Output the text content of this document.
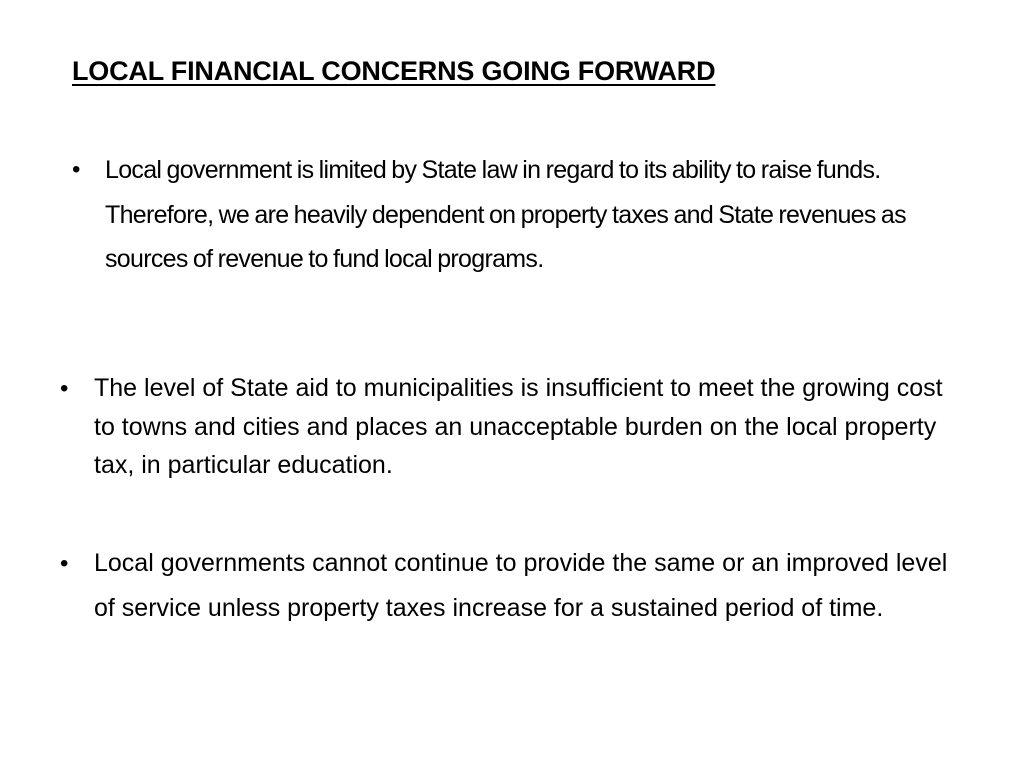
LOCAL FINANCIAL CONCERNS GOING FORWARD
• Local government is limited by State law in regard to its ability to raise funds. Therefore, we are heavily dependent on property taxes and State revenues as sources of revenue to fund local programs.
•	The level of State aid to municipalities is insufficient to meet the growing cost to towns and cities and places an unacceptable burden on the local property tax, in particular education.
•	Local governments cannot continue to provide the same or an improved level of service unless property taxes increase for a sustained period of time.
